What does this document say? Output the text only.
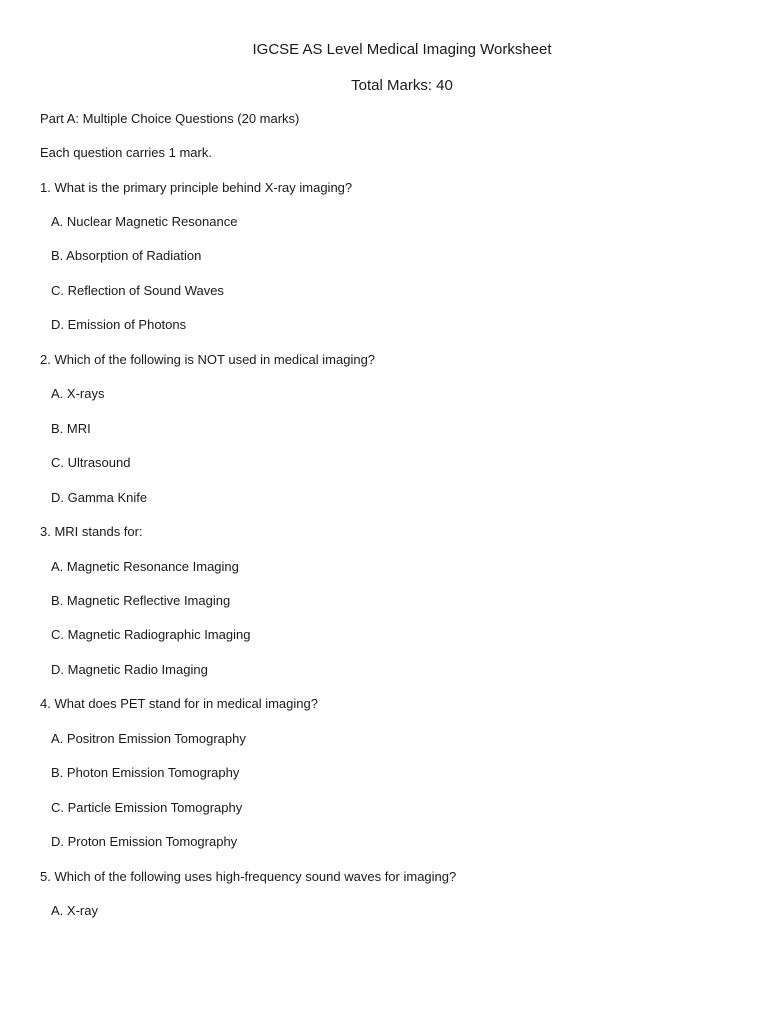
IGCSE AS Level Medical Imaging Worksheet
Total Marks: 40
Part A: Multiple Choice Questions (20 marks)
Each question carries 1 mark.
1. What is the primary principle behind X-ray imaging?
A. Nuclear Magnetic Resonance
B. Absorption of Radiation
C. Reflection of Sound Waves
D. Emission of Photons
2. Which of the following is NOT used in medical imaging?
A. X-rays
B. MRI
C. Ultrasound
D. Gamma Knife
3. MRI stands for:
A. Magnetic Resonance Imaging
B. Magnetic Reflective Imaging
C. Magnetic Radiographic Imaging
D. Magnetic Radio Imaging
4. What does PET stand for in medical imaging?
A. Positron Emission Tomography
B. Photon Emission Tomography
C. Particle Emission Tomography
D. Proton Emission Tomography
5. Which of the following uses high-frequency sound waves for imaging?
A. X-ray
